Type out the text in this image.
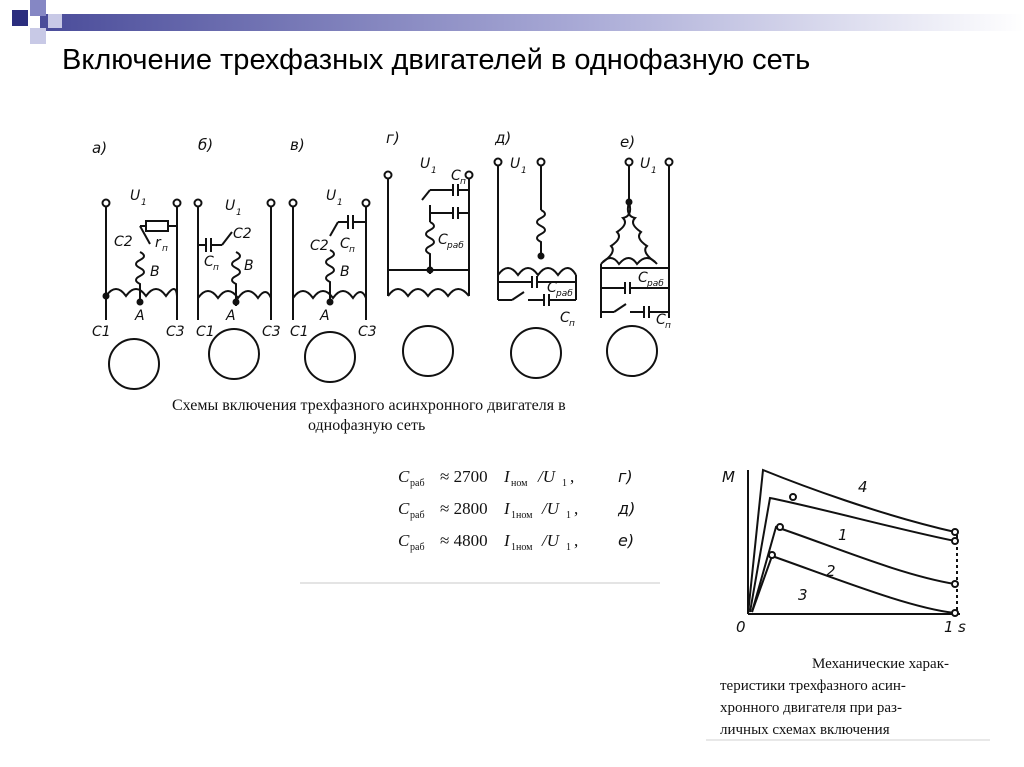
Включение трехфазных двигателей в однофазную сеть
а)	б)	в)	г)	д)	е)
U 1
r п
C2
B
A
C1	C3
U 1
C2
C п B
A
C1	C3
U 1
C п
C2
B
A
C1	C3
U 1 C п
C раб
U 1
C раб
C п
U 1
C раб
C п
Схемы включения трехфазного асинхронного двигателя в
однофазную сеть
C раб ≈ 2700 I ном /U 1 ,	г)
C раб ≈ 2800 I 1ном /U 1 , д)
C раб ≈ 4800 I 1ном /U 1 , е)
M
0	1 s
4
1
2
3
Механические харак-
теристики трехфазного асин-
хронного двигателя при раз-
личных схемах включения
